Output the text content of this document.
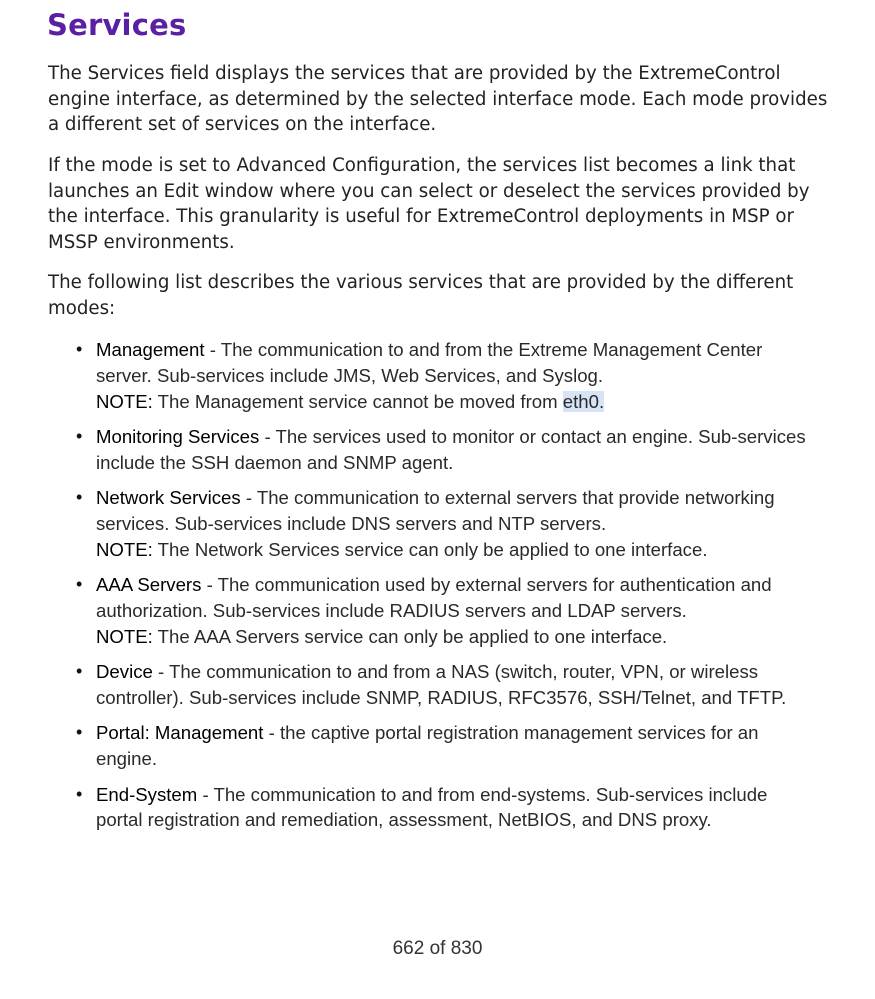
Services

The Services field displays the services that are provided by the ExtremeControl engine interface, as determined by the selected interface mode. Each mode provides a different set of services on the interface.

If the mode is set to Advanced Configuration, the services list becomes a link that launches an Edit window where you can select or deselect the services provided by the interface. This granularity is useful for ExtremeControl deployments in MSP or MSSP environments.

The following list describes the various services that are provided by the different modes:

• Management - The communication to and from the Extreme Management Center server. Sub-services include JMS, Web Services, and Syslog.
NOTE: The Management service cannot be moved from eth0.
• Monitoring Services - The services used to monitor or contact an engine. Sub-services include the SSH daemon and SNMP agent.
• Network Services - The communication to external servers that provide networking services. Sub-services include DNS servers and NTP servers.
NOTE: The Network Services service can only be applied to one interface.
• AAA Servers - The communication used by external servers for authentication and authorization. Sub-services include RADIUS servers and LDAP servers.
NOTE: The AAA Servers service can only be applied to one interface.
• Device - The communication to and from a NAS (switch, router, VPN, or wireless controller). Sub-services include SNMP, RADIUS, RFC3576, SSH/Telnet, and TFTP.
• Portal: Management - the captive portal registration management services for an engine.
• End-System - The communication to and from end-systems. Sub-services include portal registration and remediation, assessment, NetBIOS, and DNS proxy.
662 of 830
